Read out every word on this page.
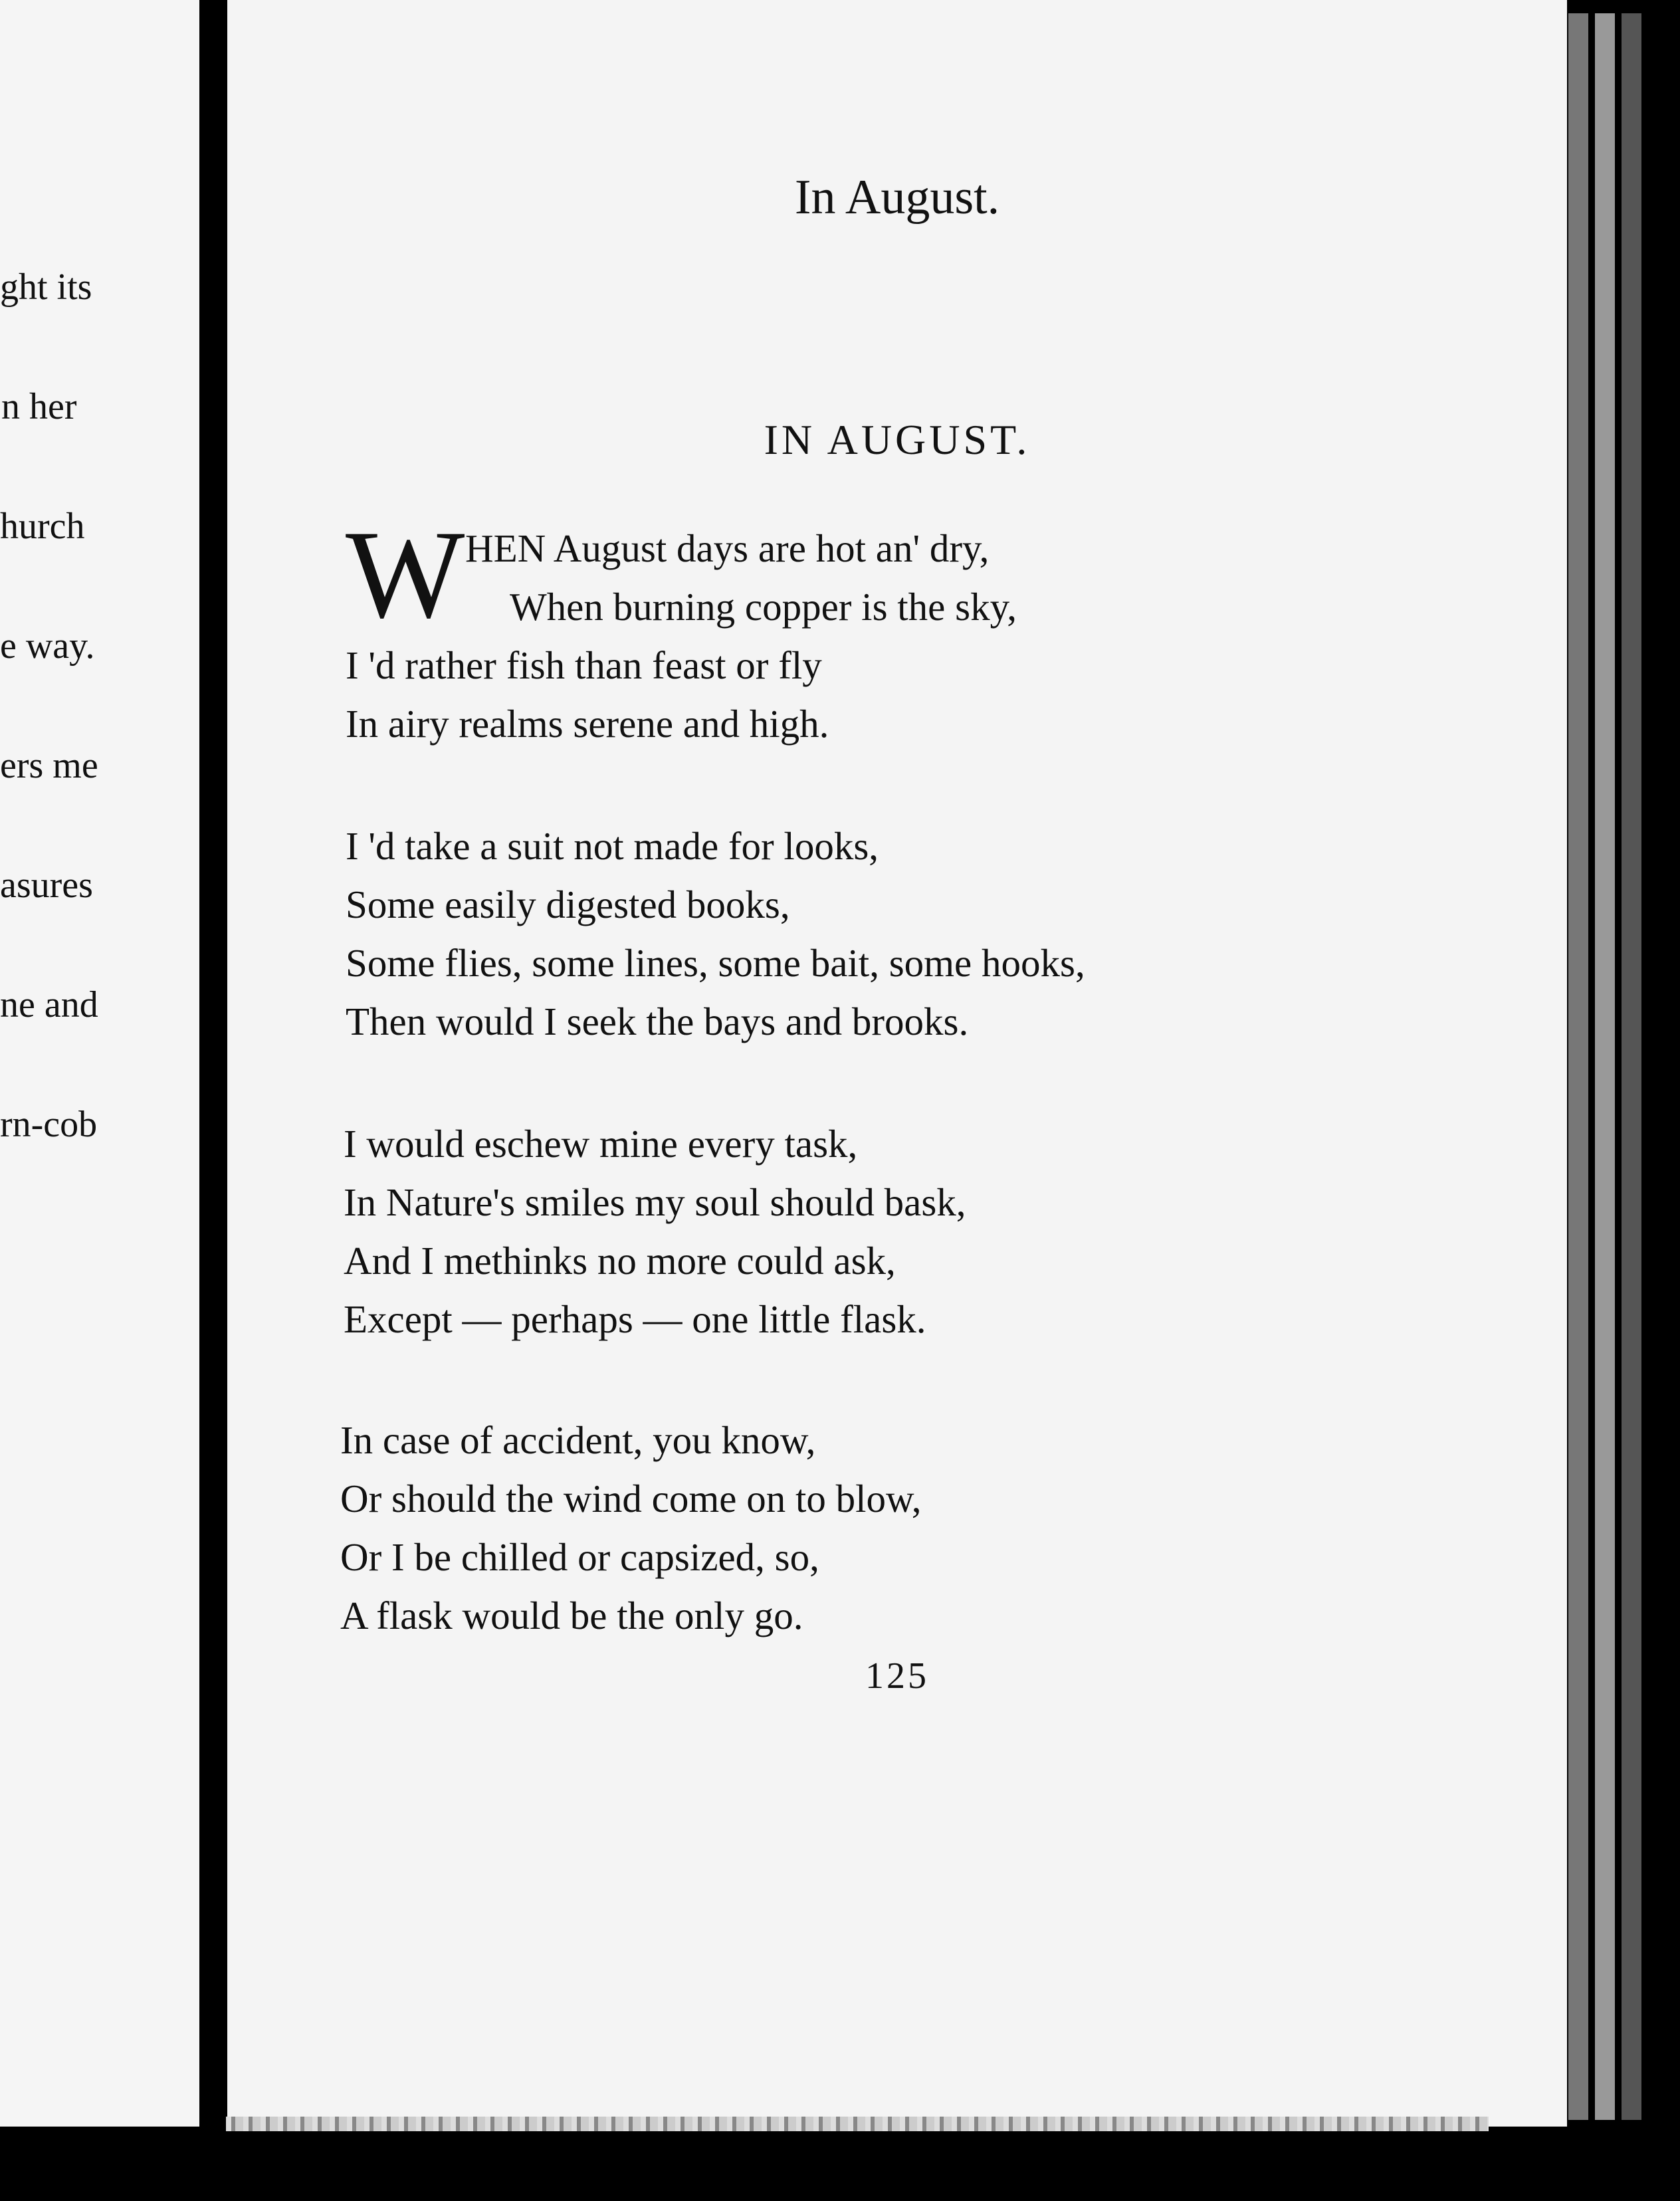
ght its
n her
hurch
e way.
ers me
asures
ne and
rn-cob
In August.
IN AUGUST.
W HEN August days are hot an' dry,
When burning copper is the sky,
I 'd rather fish than feast or fly
In airy realms serene and high.
I 'd take a suit not made for looks,
Some easily digested books,
Some flies, some lines, some bait, some hooks,
Then would I seek the bays and brooks.
I would eschew mine every task,
In Nature's smiles my soul should bask,
And I methinks no more could ask,
Except — perhaps — one little flask.
In case of accident, you know,
Or should the wind come on to blow,
Or I be chilled or capsized, so,
A flask would be the only go.
125
